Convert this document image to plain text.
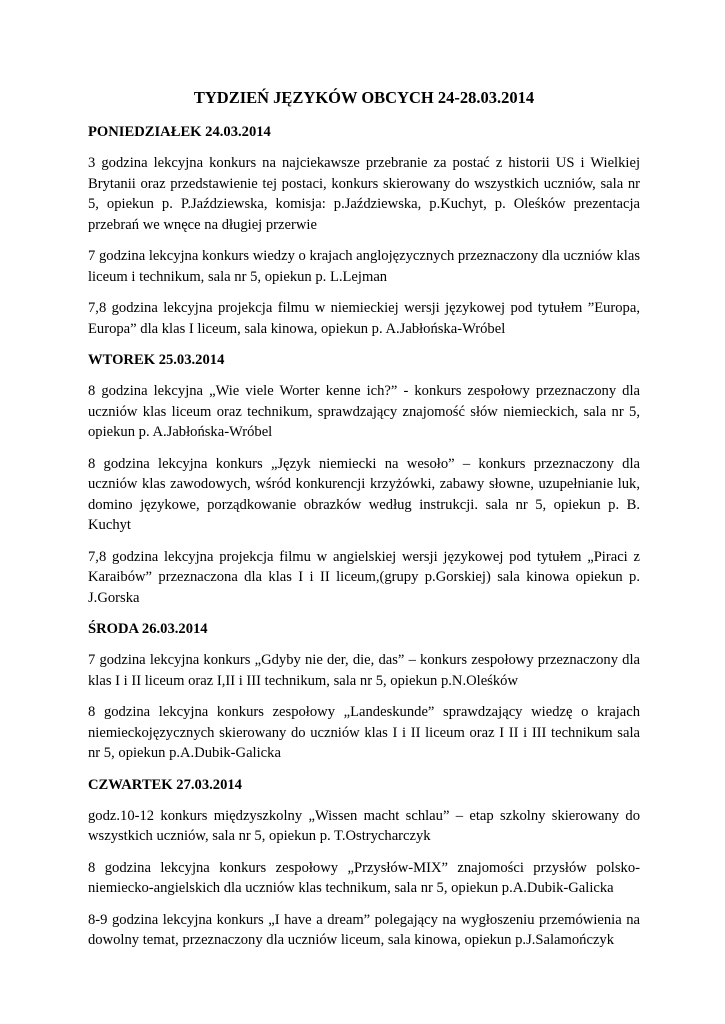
TYDZIEŃ JĘZYKÓW OBCYCH 24-28.03.2014

PONIEDZIAŁEK 24.03.2014

3 godzina lekcyjna konkurs na najciekawsze przebranie za postać z historii US i Wielkiej Brytanii oraz przedstawienie tej postaci, konkurs skierowany do wszystkich uczniów, sala nr 5, opiekun p. P.Jaździewska, komisja: p.Jaździewska, p.Kuchyt, p. Oleśków prezentacja przebrań we wnęce na długiej przerwie

7 godzina lekcyjna konkurs wiedzy o krajach anglojęzycznych przeznaczony dla uczniów klas liceum i technikum, sala nr 5, opiekun p. L.Lejman

7,8 godzina lekcyjna projekcja filmu w niemieckiej wersji językowej pod tytułem ”Europa, Europa” dla klas I liceum, sala kinowa, opiekun p. A.Jabłońska-Wróbel

WTOREK 25.03.2014

8 godzina lekcyjna „Wie viele Worter kenne ich?” - konkurs zespołowy przeznaczony dla uczniów klas liceum oraz technikum, sprawdzający znajomość słów niemieckich, sala nr 5, opiekun p. A.Jabłońska-Wróbel

8 godzina lekcyjna konkurs „Język niemiecki na wesoło” – konkurs przeznaczony dla uczniów klas zawodowych, wśród konkurencji krzyżówki, zabawy słowne, uzupełnianie luk, domino językowe, porządkowanie obrazków według instrukcji. sala nr 5, opiekun p. B. Kuchyt

7,8 godzina lekcyjna projekcja filmu w angielskiej wersji językowej pod tytułem „Piraci z Karaibów” przeznaczona dla klas I i II liceum,(grupy p.Gorskiej) sala kinowa opiekun p. J.Gorska

ŚRODA 26.03.2014

7 godzina lekcyjna konkurs „Gdyby nie der, die, das” – konkurs zespołowy przeznaczony dla klas I i II liceum oraz I,II i III technikum, sala nr 5, opiekun p.N.Oleśków

8 godzina lekcyjna konkurs zespołowy „Landeskunde” sprawdzający wiedzę o krajach niemieckojęzycznych skierowany do uczniów klas I i II liceum oraz I II i III technikum sala nr 5, opiekun p.A.Dubik-Galicka

CZWARTEK 27.03.2014

godz.10-12 konkurs międzyszkolny „Wissen macht schlau” – etap szkolny skierowany do wszystkich uczniów, sala nr 5, opiekun p. T.Ostrycharczyk

8 godzina lekcyjna konkurs zespołowy „Przysłów-MIX” znajomości przysłów polsko-niemiecko-angielskich dla uczniów klas technikum, sala nr 5, opiekun p.A.Dubik-Galicka

8-9 godzina lekcyjna konkurs „I have a dream” polegający na wygłoszeniu przemówienia na dowolny temat, przeznaczony dla uczniów liceum, sala kinowa, opiekun p.J.Salamończyk
